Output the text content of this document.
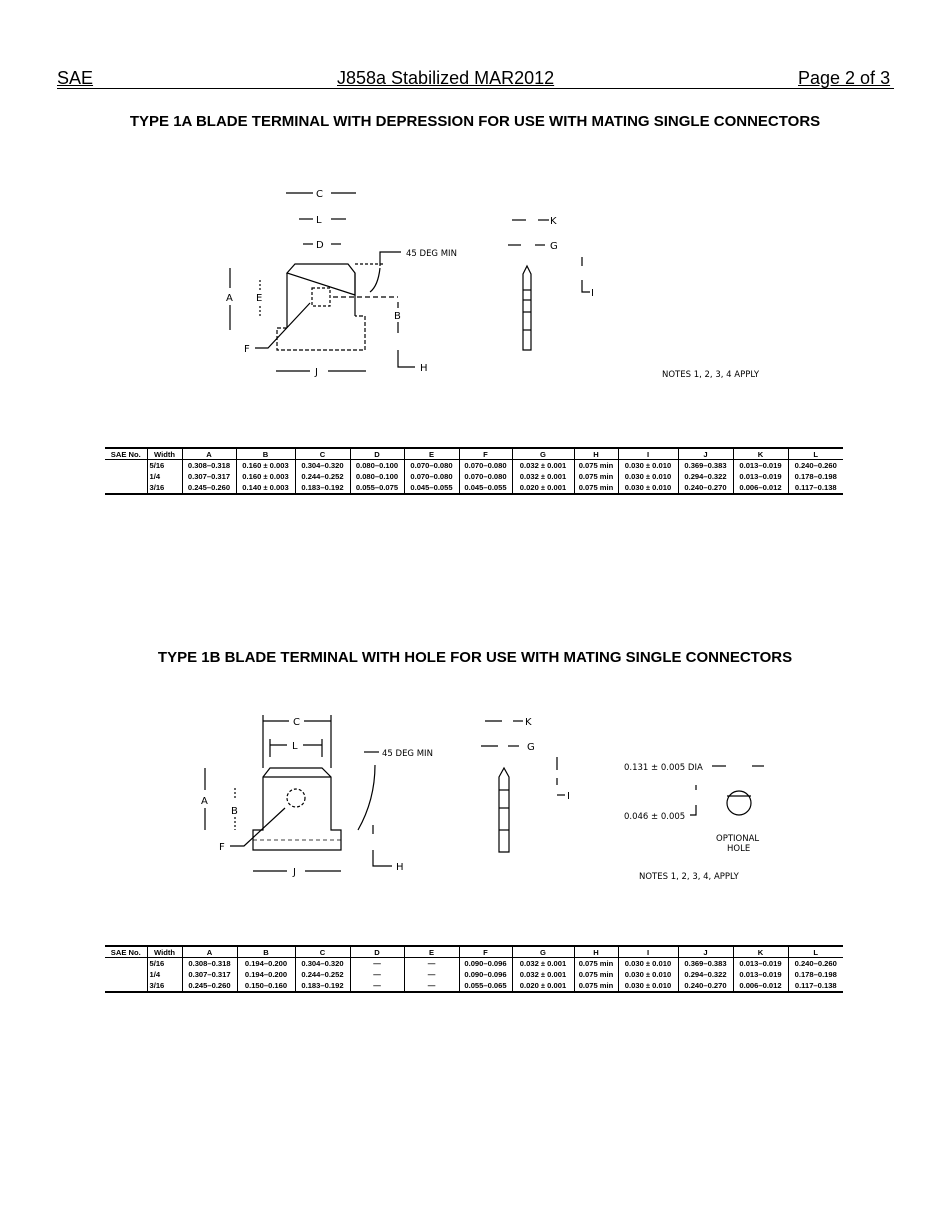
SAE	J858a Stabilized MAR2012	Page 2 of 3
TYPE 1A BLADE TERMINAL WITH DEPRESSION FOR USE WITH MATING SINGLE CONNECTORS
C
L
D
45 DEG MIN
A E
B
F
J	H
K
G
I
NOTES 1, 2, 3, 4 APPLY
SAE No.	Width	A	B	C	D	E	F	G	H	I	J	K	L
	5/16	0.308–0.318	0.160 ± 0.003	0.304–0.320	0.080–0.100	0.070–0.080	0.070–0.080	0.032 ± 0.001	0.075 min	0.030 ± 0.010	0.369–0.383	0.013–0.019	0.240–0.260
	1/4	0.307–0.317	0.160 ± 0.003	0.244–0.252	0.080–0.100	0.070–0.080	0.070–0.080	0.032 ± 0.001	0.075 min	0.030 ± 0.010	0.294–0.322	0.013–0.019	0.178–0.198
	3/16	0.245–0.260	0.140 ± 0.003	0.183–0.192	0.055–0.075	0.045–0.055	0.045–0.055	0.020 ± 0.001	0.075 min	0.030 ± 0.010	0.240–0.270	0.006–0.012	0.117–0.138
TYPE 1B BLADE TERMINAL WITH HOLE FOR USE WITH MATING SINGLE CONNECTORS
C
L
45 DEG MIN
A
B
F
J	H
K
G
I
0.131 ± 0.005 DIA
0.046 ± 0.005
OPTIONAL
HOLE
NOTES 1, 2, 3, 4, APPLY
SAE No.	Width	A	B	C	D	E	F	G	H	I	J	K	L
	5/16	0.308–0.318	0.194–0.200	0.304–0.320	—	—	0.090–0.096	0.032 ± 0.001	0.075 min	0.030 ± 0.010	0.369–0.383	0.013–0.019	0.240–0.260
	1/4	0.307–0.317	0.194–0.200	0.244–0.252	—	—	0.090–0.096	0.032 ± 0.001	0.075 min	0.030 ± 0.010	0.294–0.322	0.013–0.019	0.178–0.198
	3/16	0.245–0.260	0.150–0.160	0.183–0.192	—	—	0.055–0.065	0.020 ± 0.001	0.075 min	0.030 ± 0.010	0.240–0.270	0.006–0.012	0.117–0.138
